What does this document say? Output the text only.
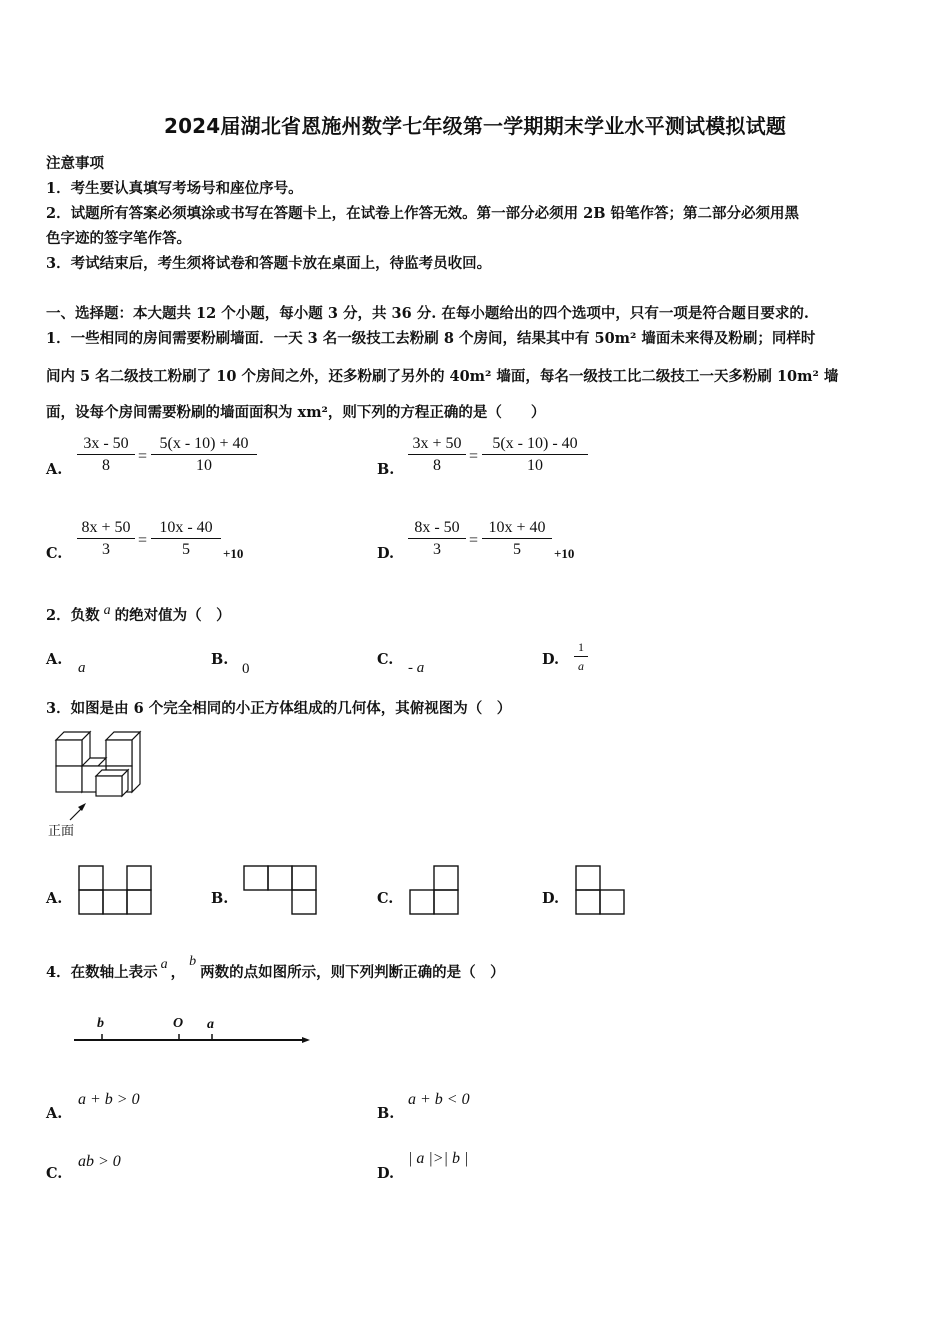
2024届湖北省恩施州数学七年级第一学期期末学业水平测试模拟试题
注意事项
1．考生要认真填写考场号和座位序号。
2．试题所有答案必须填涂或书写在答题卡上，在试卷上作答无效。第一部分必须用 2B 铅笔作答；第二部分必须用黑
色字迹的签字笔作答。
3．考试结束后，考生须将试卷和答题卡放在桌面上，待监考员收回。
一、选择题：本大题共 12 个小题，每小题 3 分，共 36 分. 在每小题给出的四个选项中，只有一项是符合题目要求的.
1．一些相同的房间需要粉刷墙面．一天 3 名一级技工去粉刷 8 个房间，结果其中有 50m² 墙面未来得及粉刷；同样时
间内 5 名二级技工粉刷了 10 个房间之外，还多粉刷了另外的 40m² 墙面，每名一级技工比二级技工一天多粉刷 10m² 墙
面，设每个房间需要粉刷的墙面面积为 xm²，则下列的方程正确的是（　　）
A. $\frac{3x - 50}{8} = \frac{5(x - 10) + 40}{10}$	B. $\frac{3x + 50}{8} = \frac{5(x - 10) - 40}{10}$
C. $\frac{8x + 50}{3} = \frac{10x - 40}{5} +10$	D. $\frac{8x - 50}{3} = \frac{10x + 40}{5} +10$
2．负数 a 的绝对值为（　）
A. a	B.
0
C. - a	D. $\frac{1}{a}$
3．如图是由 6 个完全相同的小正方体组成的几何体，其俯视图为（　）
正面
A.	B.	C.	D.
4．在数轴上表示 a ，b两数的点如图所示，则下列判断正确的是（　）
b	O a
A.
a + b > 0
B.
a + b < 0
C.
ab > 0
D.
| a |>| b |
